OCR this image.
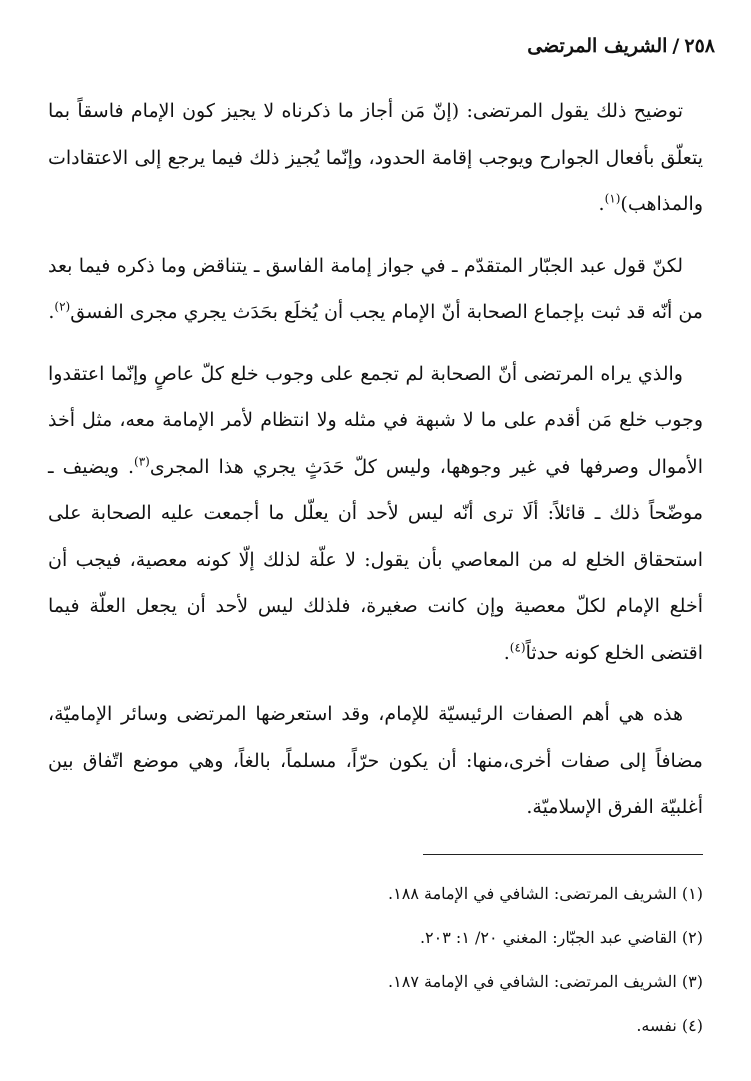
٢٥٨/الشريف المرتضى

توضيح ذلك يقول المرتضى: (إنّ مَن أجاز ما ذكرناه لا يجيز كون الإمام فاسقاً بما يتعلّق بأفعال الجوارح ويوجب إقامة الحدود، وإنّما يُجيز ذلك فيما يرجع إلى الاعتقادات والمذاهب)$^{(١)}$.

لكنّ قول عبد الجبّار المتقدّم ـ في جواز إمامة الفاسق ـ يتناقض وما ذكره فيما بعد من أنّه قد ثبت بإجماع الصحابة أنّ الإمام يجب أن يُخلَع بحَدَث يجري مجرى الفسق$^{(٢)}$.

والذي يراه المرتضى أنّ الصحابة لم تجمع على وجوب خلع كلّ عاصٍ وإنّما اعتقدوا وجوب خلع مَن أقدم على ما لا شبهة في مثله ولا انتظام لأمر الإمامة معه، مثل أخذ الأموال وصرفها في غير وجوهها، وليس كلّ حَدَثٍ يجري هذا المجرى$^{(٣)}$. ويضيف ـ موضّحاً ذلك ـ قائلاً: ألَا ترى أنّه ليس لأحد أن يعلّل ما أجمعت عليه الصحابة على استحقاق الخلع له من المعاصي بأن يقول: لا علّة لذلك إلّا كونه معصية، فيجب أن أخلع الإمام لكلّ معصية وإن كانت صغيرة، فلذلك ليس لأحد أن يجعل العلّة فيما اقتضى الخلع كونه حدثاً$^{(٤)}$.

هذه هي أهم الصفات الرئيسيّة للإمام، وقد استعرضها المرتضى وسائر الإماميّة، مضافاً إلى صفات أخرى،منها: أن يكون حرّاً، مسلماً، بالغاً، وهي موضع اتّفاق بين أغلبيّة الفرق الإسلاميّة.

(١) الشريف المرتضى: الشافي في الإمامة ١٨٨.
(٢) القاضي عبد الجبّار: المغني ٢٠/ ١: ٢٠٣.
(٣) الشريف المرتضى: الشافي في الإمامة ١٨٧.
(٤) نفسه.
